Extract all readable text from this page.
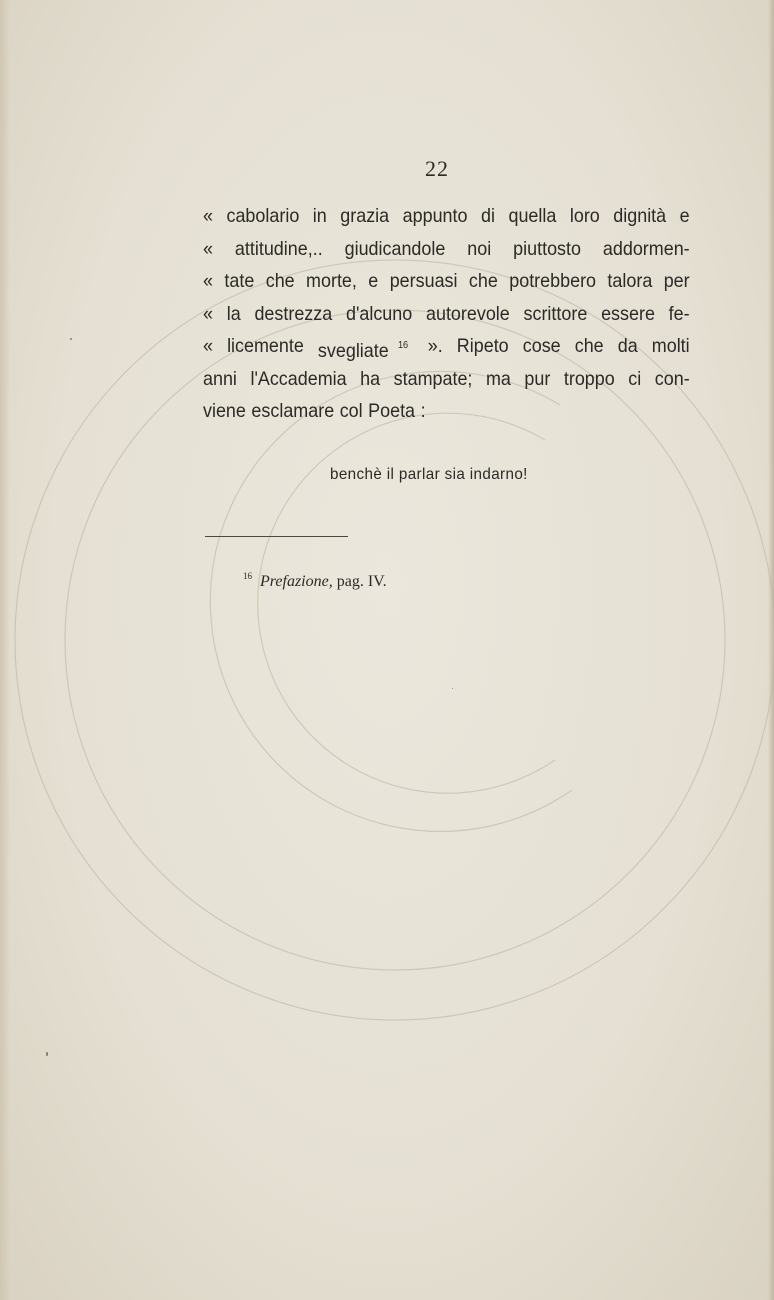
22
« cabolario in grazia appunto di quella loro dignità e
« attitudine,.. giudicandole noi piuttosto addormen-
« tate che morte, e persuasi che potrebbero talora per
« la destrezza d'alcuno autorevole scrittore essere fe-
« licemente svegliate $^{16}$ ». Ripeto cose che da molti
anni l'Accademia ha stampate; ma pur troppo ci con-
viene esclamare col Poeta :
benchè il parlar sia indarno!
$^{16}$ Prefazione, pag. IV.
